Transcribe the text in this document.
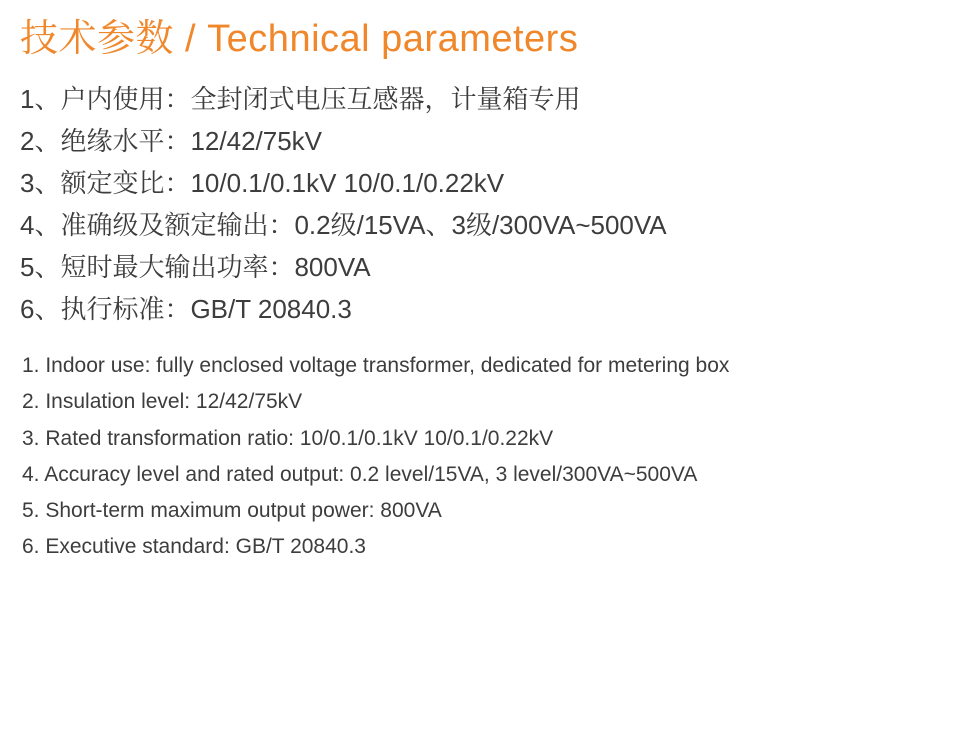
技术参数 / Technical parameters
1、户内使用：全封闭式电压互感器，计量箱专用
2、绝缘水平：12/42/75kV
3、额定变比：10/0.1/0.1kV 10/0.1/0.22kV
4、准确级及额定输出：0.2级/15VA、3级/300VA~500VA
5、短时最大输出功率：800VA
6、执行标准：GB/T 20840.3
1. Indoor use: fully enclosed voltage transformer, dedicated for metering box
2. Insulation level: 12/42/75kV
3. Rated transformation ratio: 10/0.1/0.1kV 10/0.1/0.22kV
4. Accuracy level and rated output: 0.2 level/15VA, 3 level/300VA~500VA
5. Short-term maximum output power: 800VA
6. Executive standard: GB/T 20840.3
